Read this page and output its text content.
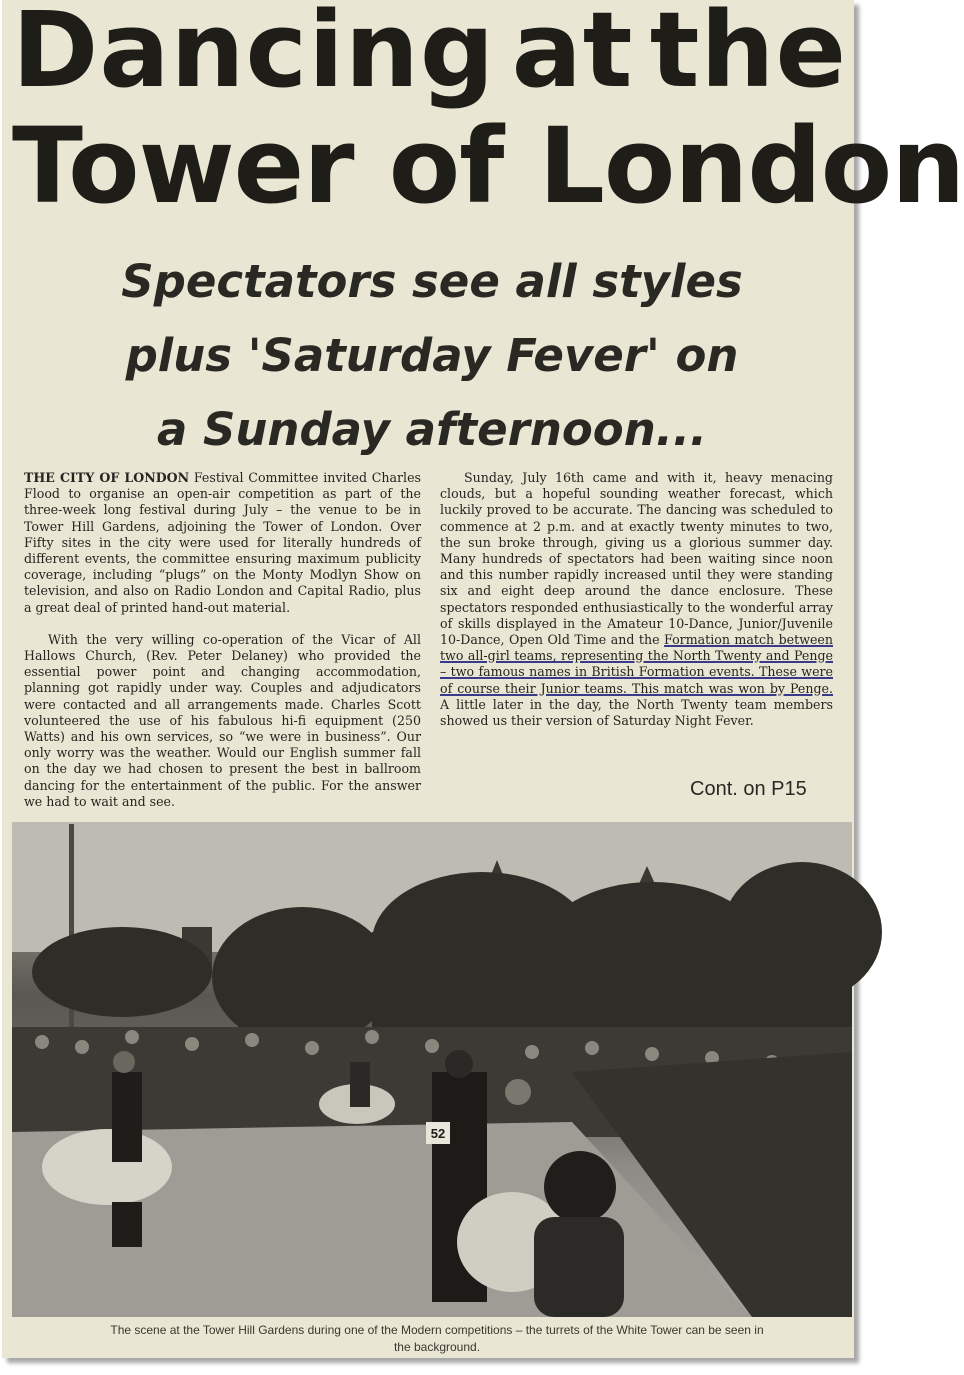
Dancing at the
Tower of London
Spectators see all styles
plus 'Saturday Fever' on
a Sunday afternoon...

THE CITY OF LONDON Festival Committee invited Charles Flood to organise an open-air competition as part of the three-week long festival during July – the venue to be in Tower Hill Gardens, adjoining the Tower of London. Over Fifty sites in the city were used for literally hundreds of different events, the committee ensuring maximum publicity coverage, including “plugs” on the Monty Modlyn Show on television, and also on Radio London and Capital Radio, plus a great deal of printed hand-out material.

With the very willing co-operation of the Vicar of All Hallows Church, (Rev. Peter Delaney) who provided the essential power point and changing accommodation, planning got rapidly under way. Couples and adjudicators were contacted and all arrangements made. Charles Scott volunteered the use of his fabulous hi-fi equipment (250 Watts) and his own services, so “we were in business”. Our only worry was the weather. Would our English summer fall on the day we had chosen to present the best in ballroom dancing for the entertainment of the public. For the answer we had to wait and see.

Sunday, July 16th came and with it, heavy menacing clouds, but a hopeful sounding weather forecast, which luckily proved to be accurate. The dancing was scheduled to commence at 2 p.m. and at exactly twenty minutes to two, the sun broke through, giving us a glorious summer day. Many hundreds of spectators had been waiting since noon and this number rapidly increased until they were standing six and eight deep around the dance enclosure. These spectators responded enthusiastically to the wonderful array of skills displayed in the Amateur 10-Dance, Junior/Juvenile 10-Dance, Open Old Time and the Formation match between two all-girl teams, representing the North Twenty and Penge – two famous names in British Formation events. These were of course their Junior teams. This match was won by Penge. A little later in the day, the North Twenty team members showed us their version of Saturday Night Fever.

Cont. on P15
52
The scene at the Tower Hill Gardens during one of the Modern competitions – the turrets of the White Tower can be seen in the background.
